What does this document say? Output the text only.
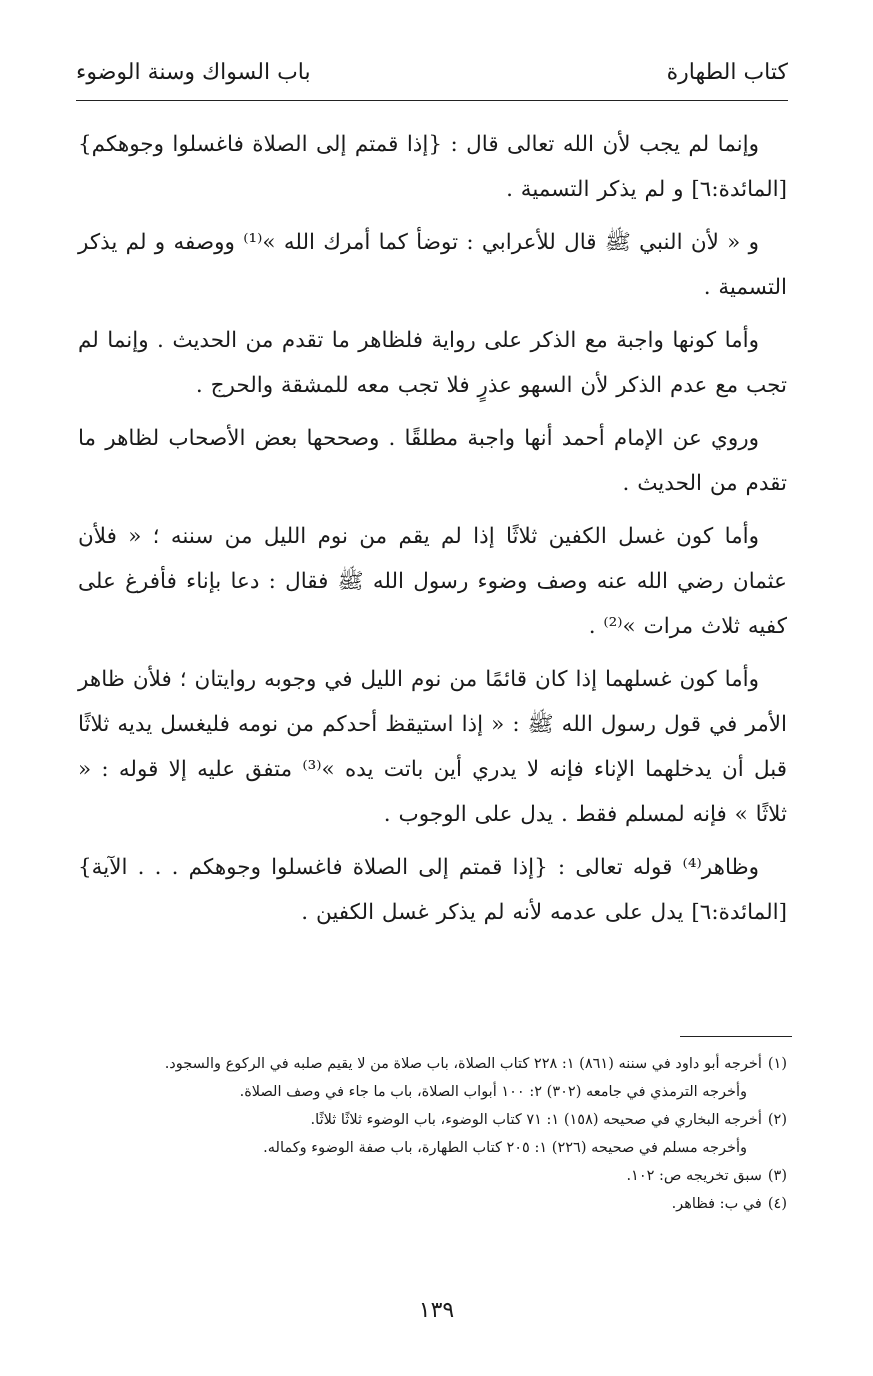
كتاب الطهارة
باب السواك وسنة الوضوء

وإنما لم يجب لأن الله تعالى قال : {إذا قمتم إلى الصلاة فاغسلوا وجوهكم} [المائدة:٦] و لم يذكر التسمية .

و « لأن النبي ﷺ قال للأعرابي : توضأ كما أمرك الله »⁽¹⁾ ووصفه و لم يذكر التسمية .

وأما كونها واجبة مع الذكر على رواية فلظاهر ما تقدم من الحديث . وإنما لم تجب مع عدم الذكر لأن السهو عذرٍ فلا تجب معه للمشقة والحرج .

وروي عن الإمام أحمد أنها واجبة مطلقًا . وصححها بعض الأصحاب لظاهر ما تقدم من الحديث .

وأما كون غسل الكفين ثلاثًا إذا لم يقم من نوم الليل من سننه ؛ « فلأن عثمان رضي الله عنه وصف وضوء رسول الله ﷺ فقال : دعا بإناء فأفرغ على كفيه ثلاث مرات »⁽²⁾ .

وأما كون غسلهما إذا كان قائمًا من نوم الليل في وجوبه روايتان ؛ فلأن ظاهر الأمر في قول رسول الله ﷺ : « إذا استيقظ أحدكم من نومه فليغسل يديه ثلاثًا قبل أن يدخلهما الإناء فإنه لا يدري أين باتت يده »⁽³⁾ متفق عليه إلا قوله : « ثلاثًا » فإنه لمسلم فقط . يدل على الوجوب .

وظاهر⁽⁴⁾ قوله تعالى : {إذا قمتم إلى الصلاة فاغسلوا وجوهكم . . . الآية} [المائدة:٦] يدل على عدمه لأنه لم يذكر غسل الكفين .

(١)أخرجه أبو داود في سننه (٨٦١) ١: ٢٢٨ كتاب الصلاة، باب صلاة من لا يقيم صلبه في الركوع والسجود.

وأخرجه الترمذي في جامعه (٣٠٢) ٢: ١٠٠ أبواب الصلاة، باب ما جاء في وصف الصلاة.

(٢)أخرجه البخاري في صحيحه (١٥٨) ١: ٧١ كتاب الوضوء، باب الوضوء ثلاثًا ثلاثًا.

وأخرجه مسلم في صحيحه (٢٢٦) ١: ٢٠٥ كتاب الطهارة، باب صفة الوضوء وكماله.

(٣)سبق تخريجه ص: ١٠٢.

(٤)في ب: فظاهر.

١٣٩
